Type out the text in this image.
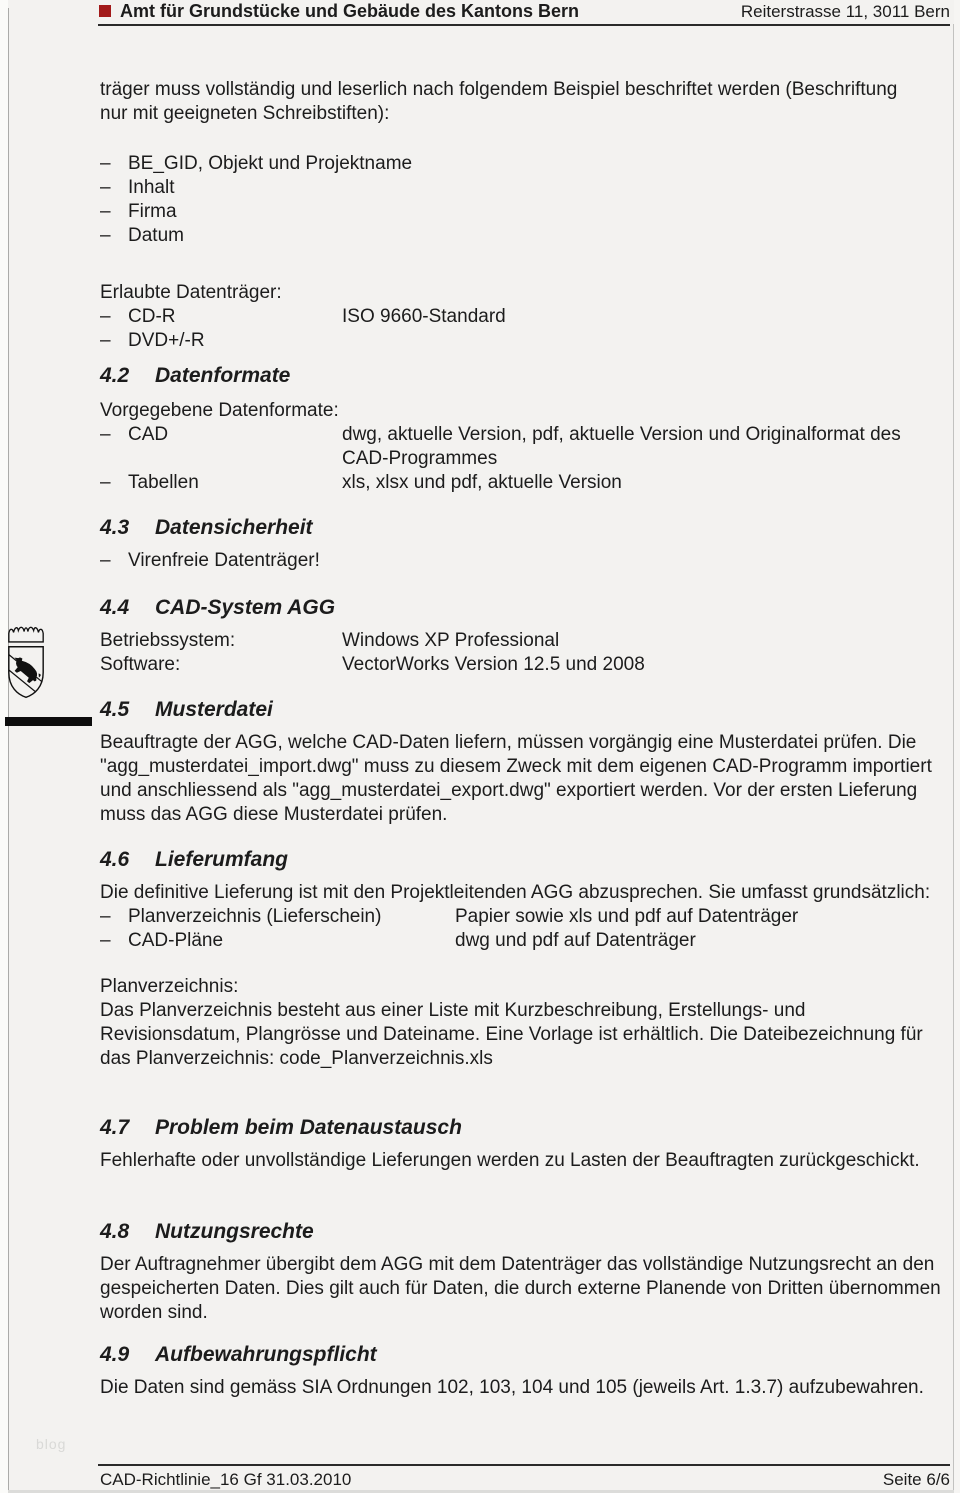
Amt für Grundstücke und Gebäude des Kantons Bern	Reiterstrasse 11, 3011 Bern

träger muss vollständig und leserlich nach folgendem Beispiel beschriftet werden (Beschriftung nur mit geeigneten Schreibstiften):

– BE_GID, Objekt und Projektname
– Inhalt
– Firma
– Datum

Erlaubte Datenträger:

– CD-R	ISO 9660-Standard
– DVD+/-R
4.2	Datenformate

Vorgegebene Datenformate:

– CAD	dwg, aktuelle Version, pdf, aktuelle Version und Originalformat des CAD-Programmes
– Tabellen	xls, xlsx und pdf, aktuelle Version
4.3	Datensicherheit
– Virenfreie Datenträger!
4.4	CAD-System AGG
Betriebssystem:	Windows XP Professional
Software:	VectorWorks Version 12.5 und 2008
4.5	Musterdatei

Beauftragte der AGG, welche CAD-Daten liefern, müssen vorgängig eine Musterdatei prüfen. Die "agg_musterdatei_import.dwg" muss zu diesem Zweck mit dem eigenen CAD-Programm importiert und anschliessend als "agg_musterdatei_export.dwg" exportiert werden. Vor der ersten Lieferung muss das AGG diese Musterdatei prüfen.

4.6	Lieferumfang

Die definitive Lieferung ist mit den Projektleitenden AGG abzusprechen. Sie umfasst grundsätzlich:

– Planverzeichnis (Lieferschein)	Papier sowie xls und pdf auf Datenträger
– CAD-Pläne	dwg und pdf auf Datenträger

Planverzeichnis:

Das Planverzeichnis besteht aus einer Liste mit Kurzbeschreibung, Erstellungs- und Revisionsdatum, Plangrösse und Dateiname. Eine Vorlage ist erhältlich. Die Dateibezeichnung für das Planverzeichnis: code_Planverzeichnis.xls

4.7	Problem beim Datenaustausch

Fehlerhafte oder unvollständige Lieferungen werden zu Lasten der Beauftragten zurückgeschickt.

4.8	Nutzungsrechte

Der Auftragnehmer übergibt dem AGG mit dem Datenträger das vollständige Nutzungsrecht an den gespeicherten Daten. Dies gilt auch für Daten, die durch externe Planende von Dritten übernommen worden sind.

4.9	Aufbewahrungspflicht

Die Daten sind gemäss SIA Ordnungen 102, 103, 104 und 105 (jeweils Art. 1.3.7) aufzubewahren.

blog
CAD-Richtlinie_16 Gf 31.03.2010	Seite 6/6
